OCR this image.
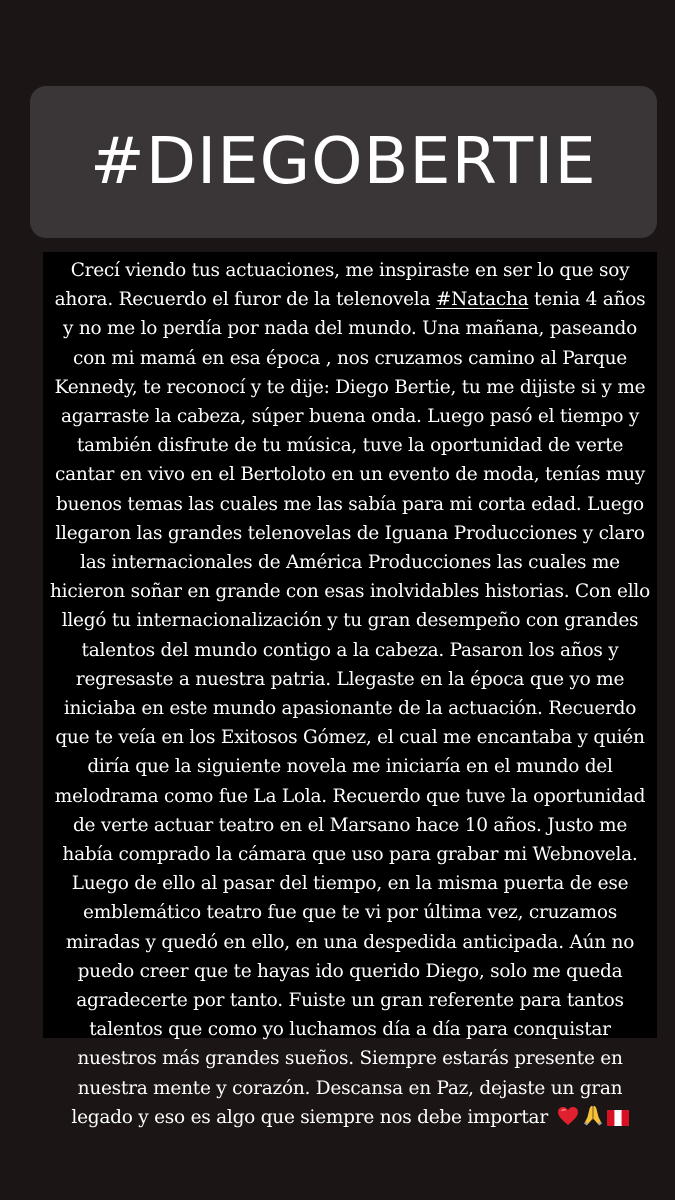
#DIEGOBERTIE

Crecí viendo tus actuaciones, me inspiraste en ser lo que soy
ahora. Recuerdo el furor de la telenovela #Natacha tenia 4 años
y no me lo perdía por nada del mundo. Una mañana, paseando
con mi mamá en esa época , nos cruzamos camino al Parque
Kennedy, te reconocí y te dije: Diego Bertie, tu me dijiste si y me
agarraste la cabeza, súper buena onda. Luego pasó el tiempo y
también disfrute de tu música, tuve la oportunidad de verte
cantar en vivo en el Bertoloto en un evento de moda, tenías muy
buenos temas las cuales me las sabía para mi corta edad. Luego
llegaron las grandes telenovelas de Iguana Producciones y claro
las internacionales de América Producciones las cuales me
hicieron soñar en grande con esas inolvidables historias. Con ello
llegó tu internacionalización y tu gran desempeño con grandes
talentos del mundo contigo a la cabeza. Pasaron los años y
regresaste a nuestra patria. Llegaste en la época que yo me
iniciaba en este mundo apasionante de la actuación. Recuerdo
que te veía en los Exitosos Gómez, el cual me encantaba y quién
diría que la siguiente novela me iniciaría en el mundo del
melodrama como fue La Lola. Recuerdo que tuve la oportunidad
de verte actuar teatro en el Marsano hace 10 años. Justo me
había comprado la cámara que uso para grabar mi Webnovela.
Luego de ello al pasar del tiempo, en la misma puerta de ese
emblemático teatro fue que te vi por última vez, cruzamos
miradas y quedó en ello, en una despedida anticipada. Aún no
puedo creer que te hayas ido querido Diego, solo me queda
agradecerte por tanto. Fuiste un gran referente para tantos
talentos que como yo luchamos día a día para conquistar
nuestros más grandes sueños. Siempre estarás presente en
nuestra mente y corazón. Descansa en Paz, dejaste un gran
legado y eso es algo que siempre nos debe importar
